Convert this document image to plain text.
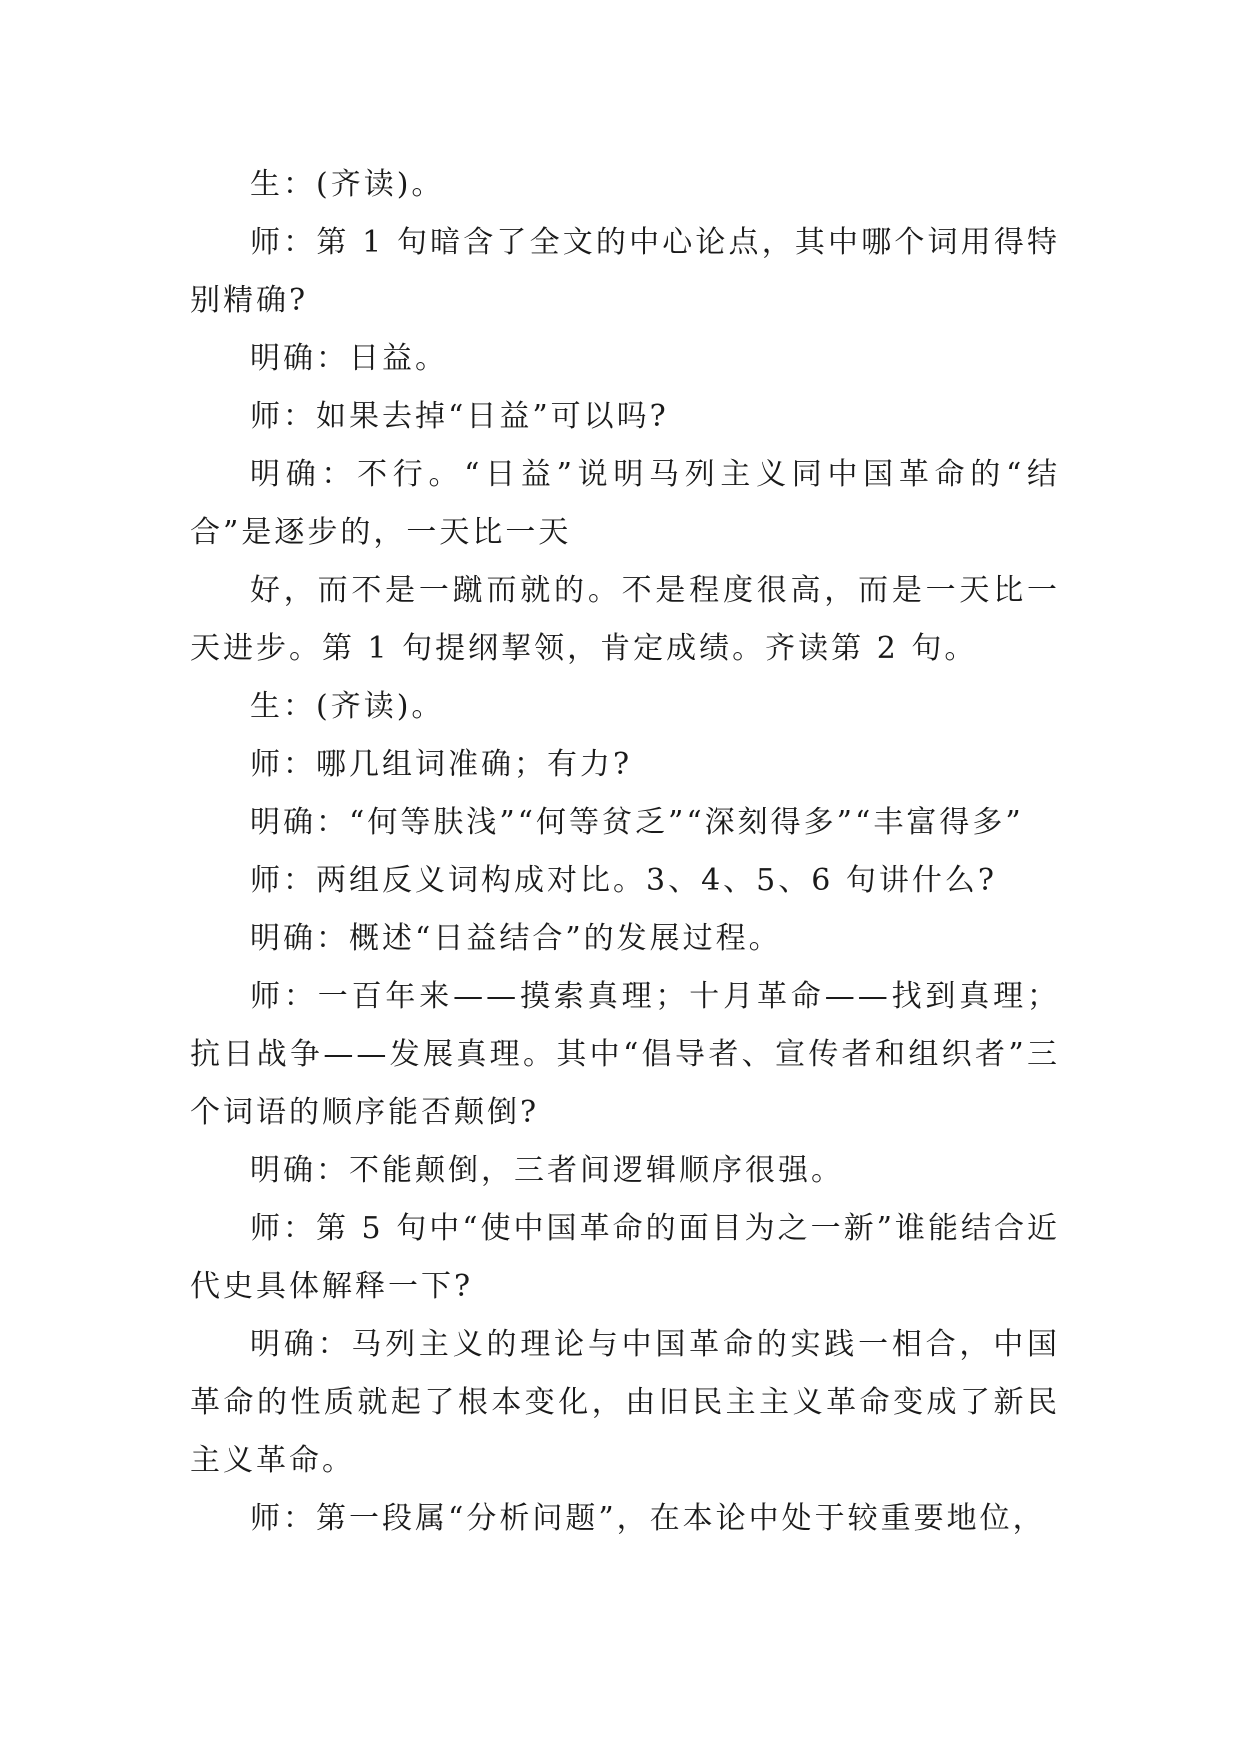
生：(齐读)。

师：第 1 句暗含了全文的中心论点，其中哪个词用得特别精确?

明确：日益。

师：如果去掉“日益”可以吗?

明确：不行。“日益”说明马列主义同中国革命的“结合”是逐步的，一天比一天

好，而不是一蹴而就的。不是程度很高，而是一天比一天进步。第 1 句提纲挈领，肯定成绩。齐读第 2 句。

生：(齐读)。

师：哪几组词准确；有力?

明确：“何等肤浅”“何等贫乏”“深刻得多”“丰富得多”

师：两组反义词构成对比。3、4、5、6 句讲什么?

明确：概述“日益结合”的发展过程。

师：一百年来——摸索真理；十月革命——找到真理；抗日战争——发展真理。其中“倡导者、宣传者和组织者”三个词语的顺序能否颠倒?

明确：不能颠倒，三者间逻辑顺序很强。

师：第 5 句中“使中国革命的面目为之一新”谁能结合近代史具体解释一下?

明确：马列主义的理论与中国革命的实践一相合，中国革命的性质就起了根本变化，由旧民主主义革命变成了新民主义革命。

师：第一段属“分析问题”，在本论中处于较重要地位，
